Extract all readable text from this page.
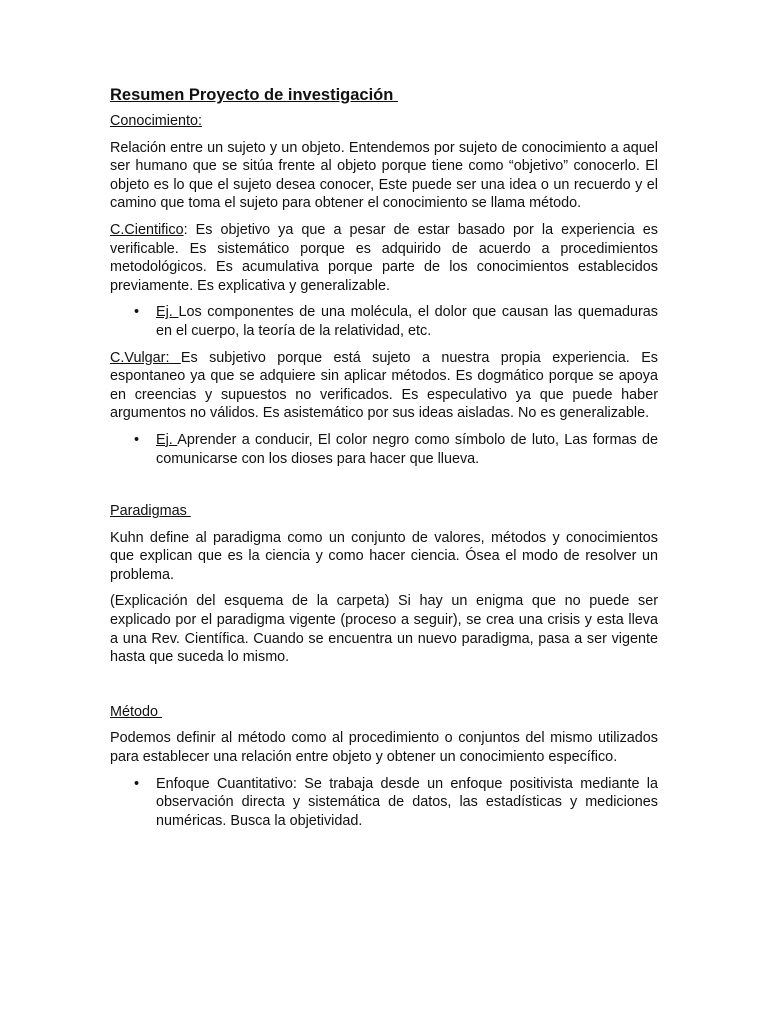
Resumen Proyecto de investigación
Conocimiento:

Relación entre un sujeto y un objeto. Entendemos por sujeto de conocimiento a aquel ser humano que se sitúa frente al objeto porque tiene como “objetivo” conocerlo. El objeto es lo que el sujeto desea conocer, Este puede ser una idea o un recuerdo y el camino que toma el sujeto para obtener el conocimiento se llama método.

C.Cientifico: Es objetivo ya que a pesar de estar basado por la experiencia es verificable. Es sistemático porque es adquirido de acuerdo a procedimientos metodológicos. Es acumulativa porque parte de los conocimientos establecidos previamente. Es explicativa y generalizable.

• Ej. Los componentes de una molécula, el dolor que causan las quemaduras en el cuerpo, la teoría de la relatividad, etc.

C.Vulgar: Es subjetivo porque está sujeto a nuestra propia experiencia. Es espontaneo ya que se adquiere sin aplicar métodos. Es dogmático porque se apoya en creencias y supuestos no verificados. Es especulativo ya que puede haber argumentos no válidos. Es asistemático por sus ideas aisladas. No es generalizable.

• Ej. Aprender a conducir, El color negro como símbolo de luto, Las formas de comunicarse con los dioses para hacer que llueva.
Paradigmas

Kuhn define al paradigma como un conjunto de valores, métodos y conocimientos que explican que es la ciencia y como hacer ciencia. Ósea el modo de resolver un problema.

(Explicación del esquema de la carpeta) Si hay un enigma que no puede ser explicado por el paradigma vigente (proceso a seguir), se crea una crisis y esta lleva a una Rev. Científica. Cuando se encuentra un nuevo paradigma, pasa a ser vigente hasta que suceda lo mismo.

Método

Podemos definir al método como al procedimiento o conjuntos del mismo utilizados para establecer una relación entre objeto y obtener un conocimiento específico.

• Enfoque Cuantitativo: Se trabaja desde un enfoque positivista mediante la observación directa y sistemática de datos, las estadísticas y mediciones numéricas. Busca la objetividad.
